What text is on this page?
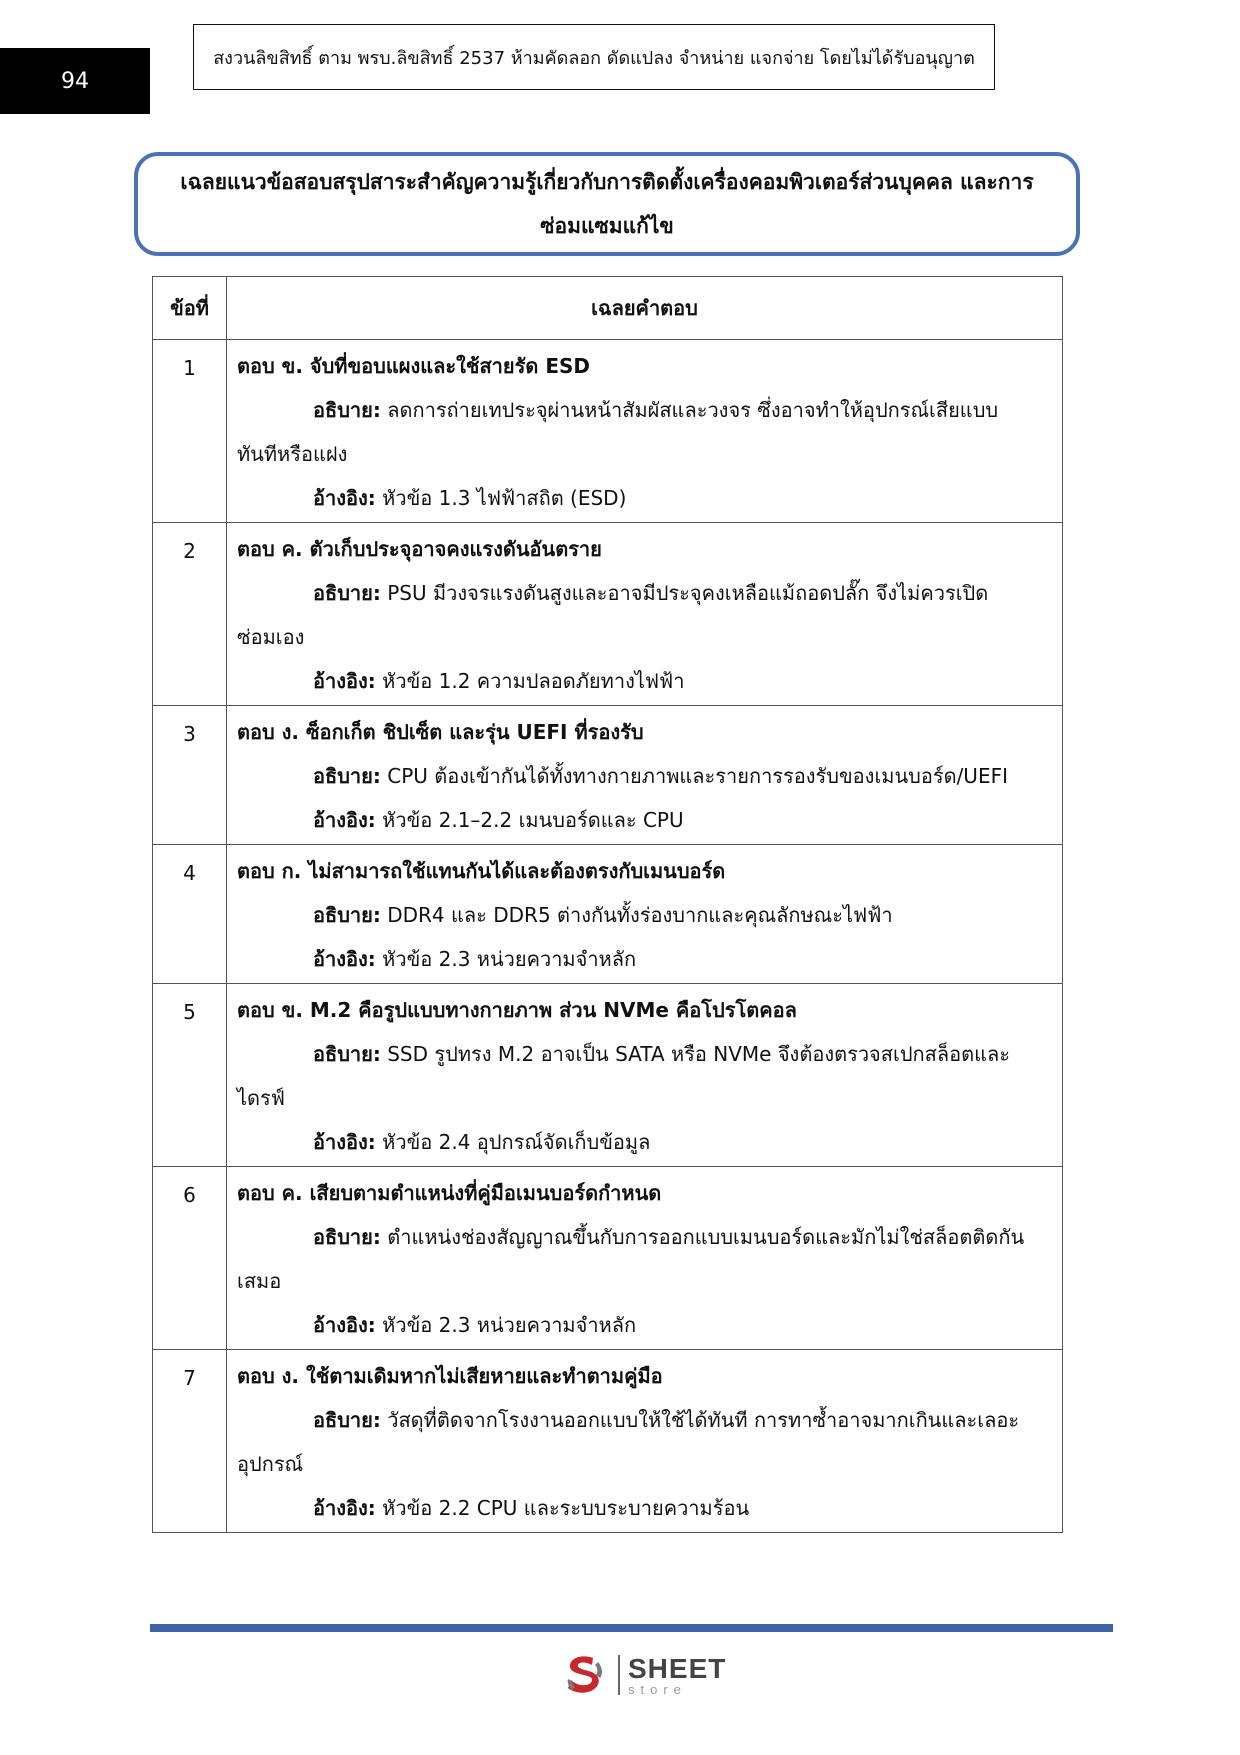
94
สงวนลิขสิทธิ์ ตาม พรบ.ลิขสิทธิ์ 2537 ห้ามคัดลอก ดัดแปลง จำหน่าย แจกจ่าย โดยไม่ได้รับอนุญาต
เฉลยแนวข้อสอบสรุปสาระสำคัญความรู้เกี่ยวกับการติดตั้งเครื่องคอมพิวเตอร์ส่วนบุคคล และการ
ซ่อมแซมแก้ไข
ข้อที่	เฉลยคำตอบ

1	ตอบ ข. จับที่ขอบแผงและใช้สายรัด ESD
อธิบาย: ลดการถ่ายเทประจุผ่านหน้าสัมผัสและวงจร ซึ่งอาจทำให้อุปกรณ์เสียแบบ
ทันทีหรือแฝง
อ้างอิง: หัวข้อ 1.3 ไฟฟ้าสถิต (ESD)

2	ตอบ ค. ตัวเก็บประจุอาจคงแรงดันอันตราย
อธิบาย: PSU มีวงจรแรงดันสูงและอาจมีประจุคงเหลือแม้ถอดปลั๊ก จึงไม่ควรเปิด
ซ่อมเอง
อ้างอิง: หัวข้อ 1.2 ความปลอดภัยทางไฟฟ้า

3	ตอบ ง. ซ็อกเก็ต ชิปเซ็ต และรุ่น UEFI ที่รองรับ
อธิบาย: CPU ต้องเข้ากันได้ทั้งทางกายภาพและรายการรองรับของเมนบอร์ด/UEFI
อ้างอิง: หัวข้อ 2.1–2.2 เมนบอร์ดและ CPU

4	ตอบ ก. ไม่สามารถใช้แทนกันได้และต้องตรงกับเมนบอร์ด
อธิบาย: DDR4 และ DDR5 ต่างกันทั้งร่องบากและคุณลักษณะไฟฟ้า
อ้างอิง: หัวข้อ 2.3 หน่วยความจำหลัก

5	ตอบ ข. M.2 คือรูปแบบทางกายภาพ ส่วน NVMe คือโปรโตคอล
อธิบาย: SSD รูปทรง M.2 อาจเป็น SATA หรือ NVMe จึงต้องตรวจสเปกสล็อตและ
ไดรฟ์
อ้างอิง: หัวข้อ 2.4 อุปกรณ์จัดเก็บข้อมูล

6	ตอบ ค. เสียบตามตำแหน่งที่คู่มือเมนบอร์ดกำหนด
อธิบาย: ตำแหน่งช่องสัญญาณขึ้นกับการออกแบบเมนบอร์ดและมักไม่ใช่สล็อตติดกัน
เสมอ
อ้างอิง: หัวข้อ 2.3 หน่วยความจำหลัก

7	ตอบ ง. ใช้ตามเดิมหากไม่เสียหายและทำตามคู่มือ
อธิบาย: วัสดุที่ติดจากโรงงานออกแบบให้ใช้ได้ทันที การทาซ้ำอาจมากเกินและเลอะ
อุปกรณ์
อ้างอิง: หัวข้อ 2.2 CPU และระบบระบายความร้อน
SHEET
store
